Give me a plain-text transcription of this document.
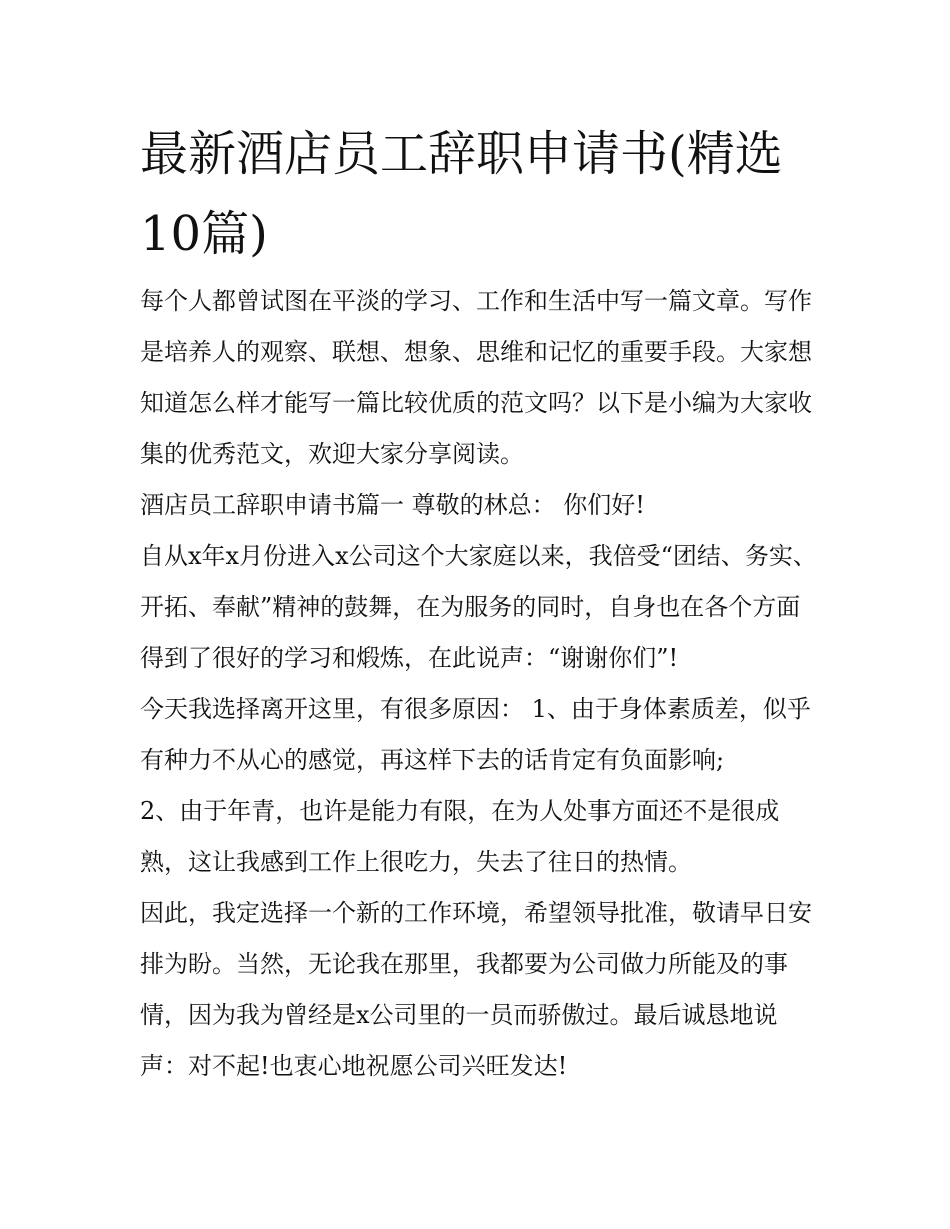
最新酒店员工辞职申请书(精选10篇)

每个人都曾试图在平淡的学习、工作和生活中写一篇文章。写作是培养人的观察、联想、想象、思维和记忆的重要手段。大家想知道怎么样才能写一篇比较优质的范文吗？以下是小编为大家收集的优秀范文，欢迎大家分享阅读。

酒店员工辞职申请书篇一 尊敬的林总： 你们好!

自从x年x月份进入x公司这个大家庭以来，我倍受“团结、务实、开拓、奉献”精神的鼓舞，在为服务的同时，自身也在各个方面得到了很好的学习和煅炼，在此说声：“谢谢你们”!

今天我选择离开这里，有很多原因： 1、由于身体素质差，似乎有种力不从心的感觉，再这样下去的话肯定有负面影响;

2、由于年青，也许是能力有限，在为人处事方面还不是很成熟，这让我感到工作上很吃力，失去了往日的热情。

因此，我定选择一个新的工作环境，希望领导批准，敬请早日安排为盼。当然，无论我在那里，我都要为公司做力所能及的事情，因为我为曾经是x公司里的一员而骄傲过。最后诚恳地说声：对不起!也衷心地祝愿公司兴旺发达!
